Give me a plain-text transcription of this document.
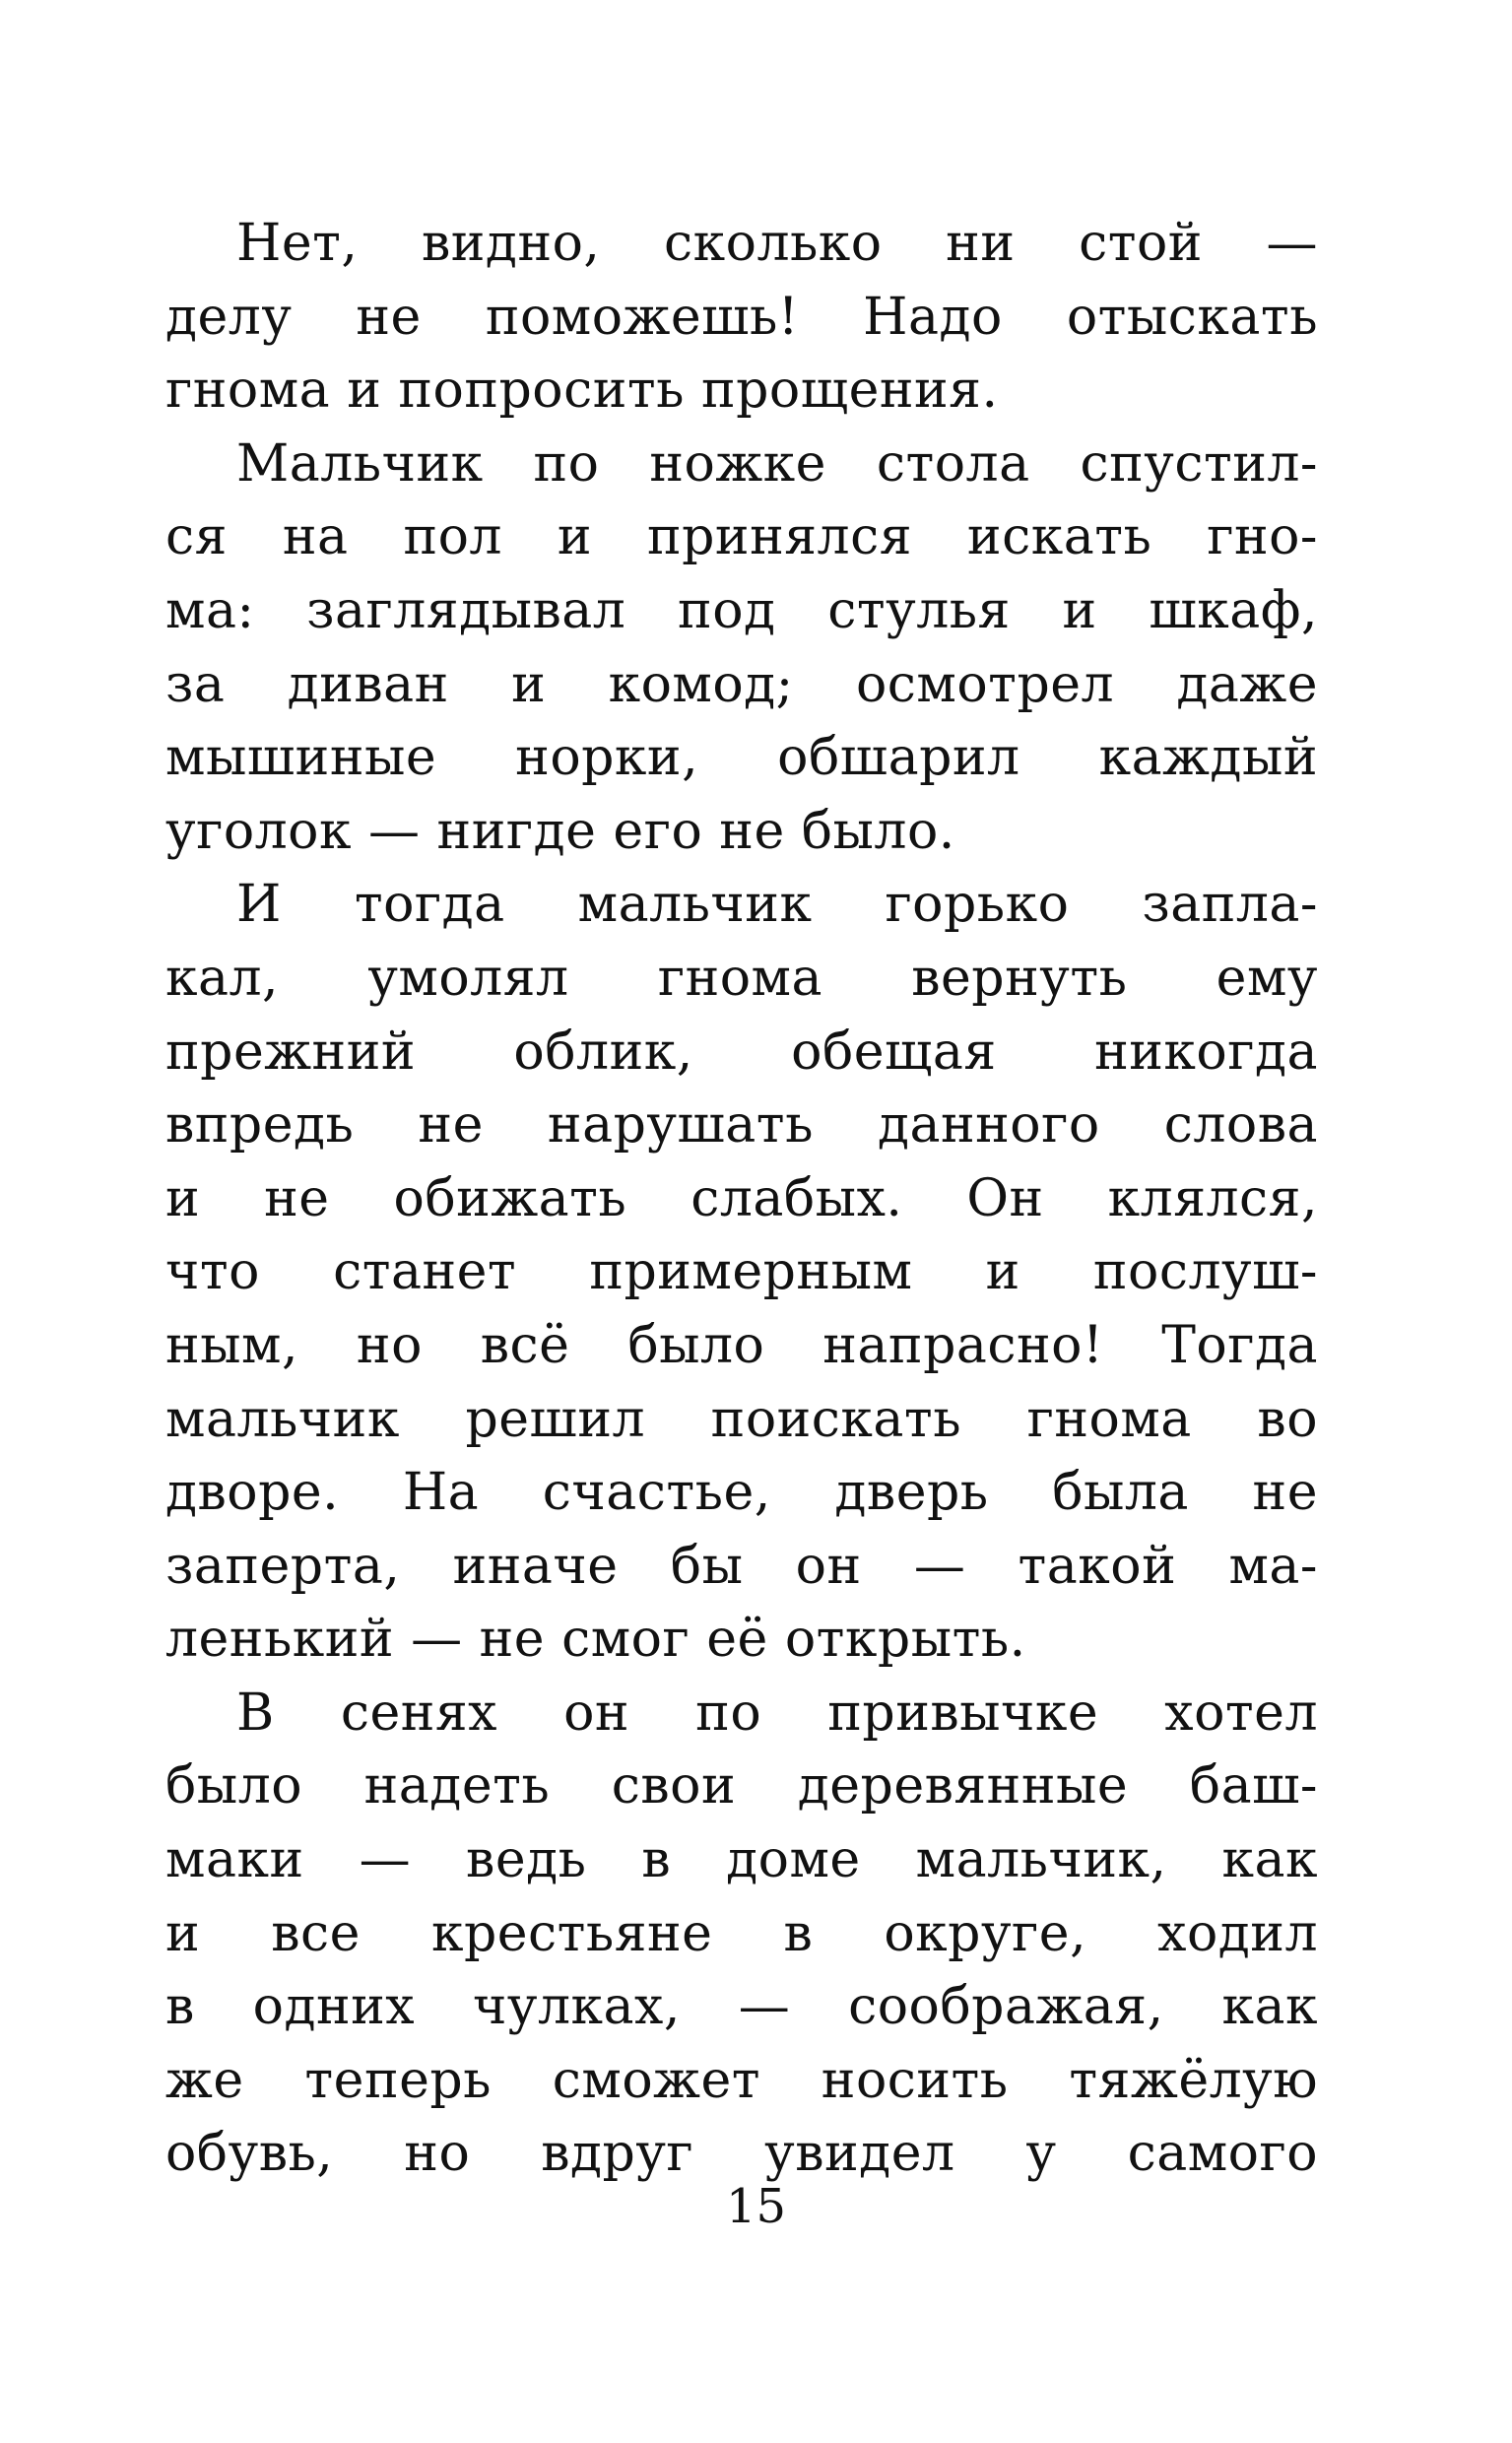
Нет, видно, сколько ни стой —
делу не поможешь! Надо отыскать
гнома и попросить прощения.
Мальчик по ножке стола спустил-
ся на пол и принялся искать гно-
ма: заглядывал под стулья и шкаф,
за диван и комод; осмотрел даже
мышиные норки, обшарил каждый
уголок — нигде его не было.
И тогда мальчик горько запла-
кал, умолял гнома вернуть ему
прежний облик, обещая никогда
впредь не нарушать данного слова
и не обижать слабых. Он клялся,
что станет примерным и послуш-
ным, но всё было напрасно! Тогда
мальчик решил поискать гнома во
дворе. На счастье, дверь была не
заперта, иначе бы он — такой ма-
ленький — не смог её открыть.
В сенях он по привычке хотел
было надеть свои деревянные баш-
маки — ведь в доме мальчик, как
и все крестьяне в округе, ходил
в одних чулках, — соображая, как
же теперь сможет носить тяжёлую
обувь, но вдруг увидел у самого
15
